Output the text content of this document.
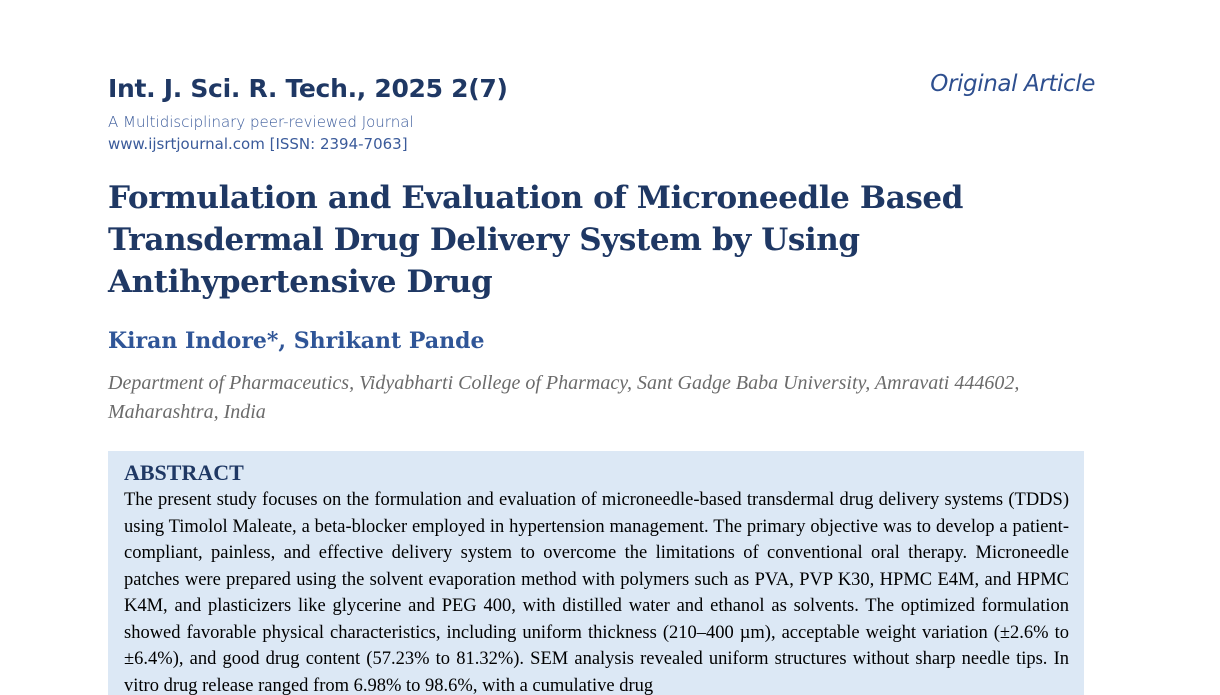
Int. J. Sci. R. Tech., 2025 2(7)	Original Article
A Multidisciplinary peer-reviewed Journal
www.ijsrtjournal.com [ISSN: 2394-7063]
Formulation and Evaluation of Microneedle Based Transdermal Drug Delivery System by Using Antihypertensive Drug
Kiran Indore*, Shrikant Pande
Department of Pharmaceutics, Vidyabharti College of Pharmacy, Sant Gadge Baba University, Amravati 444602, Maharashtra, India
ABSTRACT

The present study focuses on the formulation and evaluation of microneedle-based transdermal drug delivery systems (TDDS) using Timolol Maleate, a beta-blocker employed in hypertension management. The primary objective was to develop a patient-compliant, painless, and effective delivery system to overcome the limitations of conventional oral therapy. Microneedle patches were prepared using the solvent evaporation method with polymers such as PVA, PVP K30, HPMC E4M, and HPMC K4M, and plasticizers like glycerine and PEG 400, with distilled water and ethanol as solvents. The optimized formulation showed favorable physical characteristics, including uniform thickness (210–400 µm), acceptable weight variation (±2.6% to ±6.4%), and good drug content (57.23% to 81.32%). SEM analysis revealed uniform structures without sharp needle tips. In vitro drug release ranged from 6.98% to 98.6%, with a cumulative drug
